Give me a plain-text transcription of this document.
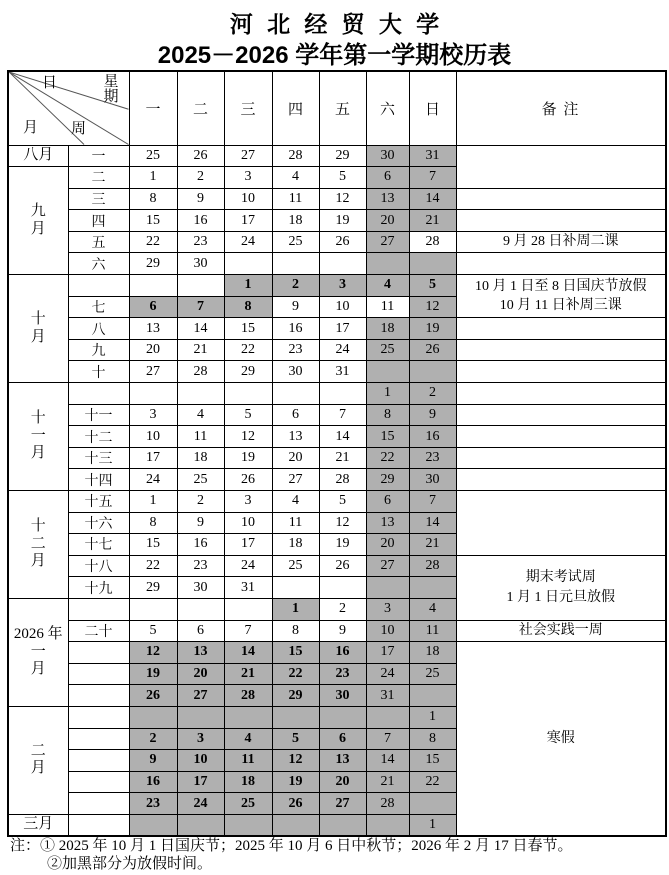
河北经贸大学
2025－2026 学年第一学期校历表
日 星期
月 周		一	二	三	四	五	六	日	备 注

八月	一	25	26	27	28	29	30	31	

九
月	二	1	2	3	4	5	6	7	
	三	8	9	10	11	12	13	14	
	四	15	16	17	18	19	20	21	
	五	22	23	24	25	26	27	28	9 月 28 日补周二课

	六	29	30						

十
月
				1	2	3	4	5	10 月 1 日至 8 日国庆节放假
10 月 11 日补周三课

	七	6	7	8	9	10	11	12	
	八	13	14	15	16	17	18	19	
	九	20	21	22	23	24	25	26	
	十	27	28	29	30	31			

十
一
月							1	2	
	十一	3	4	5	6	7	8	9	
	十二	10	11	12	13	14	15	16	
	十三	17	18	19	20	21	22	23	
	十四	24	25	26	27	28	29	30	

十
二
月	十五	1	2	3	4	5	6	7	
	十六	8	9	10	11	12	13	14	
	十七	15	16	17	18	19	20	21	
	十八	22	23	24	25	26	27	28	期末考试周
1 月 1 日元旦放假

	十九	29	30	31					

2026 年
一
月					1	2	3	4	
	二十	5	6	7	8	9	10	11	社会实践一周

		12	13	14	15	16	17	18	寒假

		19	20	21	22	23	24	25	
		26	27	28	29	30	31		

二
月								1	
		2	3	4	5	6	7	8	
		9	10	11	12	13	14	15	
		16	17	18	19	20	21	22	
		23	24	25	26	27	28		

三月								1	
注：① 2025 年 10 月 1 日国庆节；2025 年 10 月 6 日中秋节；2026 年 2 月 17 日春节。
②加黑部分为放假时间。
